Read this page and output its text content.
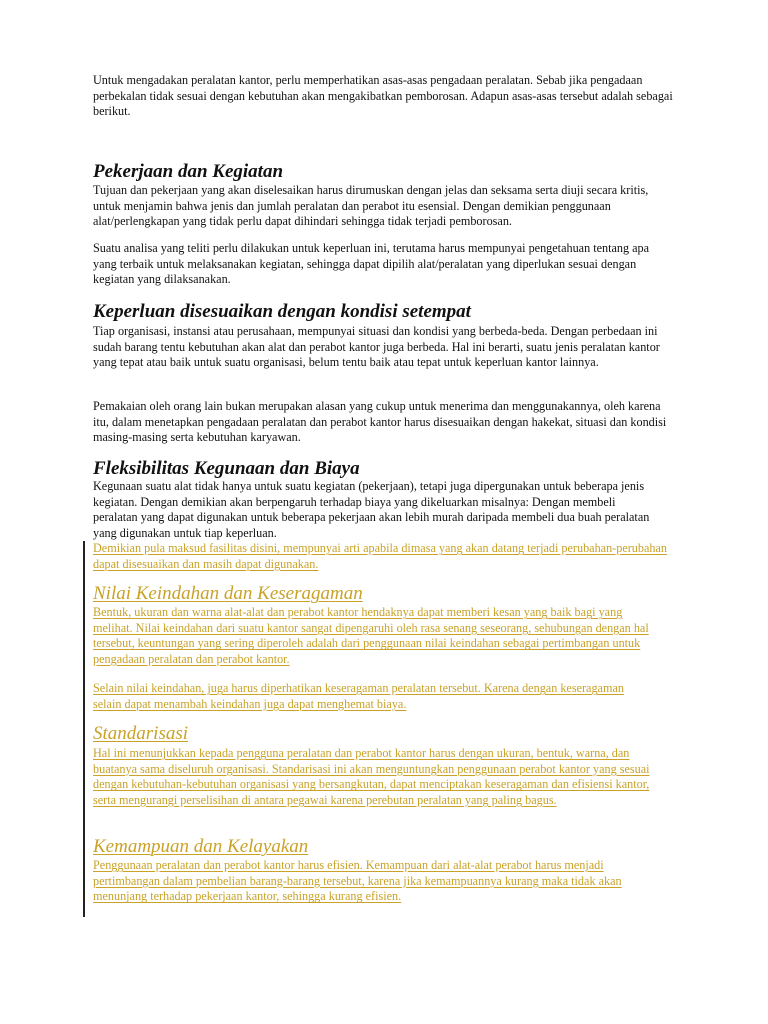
Untuk mengadakan peralatan kantor, perlu memperhatikan asas-asas pengadaan peralatan. Sebab jika pengadaan perbekalan tidak sesuai dengan kebutuhan akan mengakibatkan pemborosan. Adapun asas-asas tersebut adalah sebagai berikut.

Pekerjaan dan Kegiatan

Tujuan dan pekerjaan yang akan diselesaikan harus dirumuskan dengan jelas dan seksama serta diuji secara kritis, untuk menjamin bahwa jenis dan jumlah peralatan dan perabot itu esensial. Dengan demikian penggunaan alat/perlengkapan yang tidak perlu dapat dihindari sehingga tidak terjadi pemborosan.

Suatu analisa yang teliti perlu dilakukan untuk keperluan ini, terutama harus mempunyai pengetahuan tentang apa yang terbaik untuk melaksanakan kegiatan, sehingga dapat dipilih alat/peralatan yang diperlukan sesuai dengan kegiatan yang dilaksanakan.

Keperluan disesuaikan dengan kondisi setempat

Tiap organisasi, instansi atau perusahaan, mempunyai situasi dan kondisi yang berbeda-beda. Dengan perbedaan ini sudah barang tentu kebutuhan akan alat dan perabot kantor juga berbeda. Hal ini berarti, suatu jenis peralatan kantor yang tepat atau baik untuk suatu organisasi, belum tentu baik atau tepat untuk keperluan kantor lainnya.

Pemakaian oleh orang lain bukan merupakan alasan yang cukup untuk menerima dan menggunakannya, oleh karena itu, dalam menetapkan pengadaan peralatan dan perabot kantor harus disesuaikan dengan hakekat, situasi dan kondisi masing-masing serta kebutuhan karyawan.

Fleksibilitas Kegunaan dan Biaya

Kegunaan suatu alat tidak hanya untuk suatu kegiatan (pekerjaan), tetapi juga dipergunakan untuk beberapa jenis kegiatan. Dengan demikian akan berpengaruh terhadap biaya yang dikeluarkan misalnya: Dengan membeli peralatan yang dapat digunakan untuk beberapa pekerjaan akan lebih murah daripada membeli dua buah peralatan yang digunakan untuk tiap keperluan.

Demikian pula maksud fasilitas disini, mempunyai arti apabila dimasa yang akan datang terjadi perubahan-perubahan dapat disesuaikan dan masih dapat digunakan.

Nilai Keindahan dan Keseragaman

Bentuk, ukuran dan warna alat-alat dan perabot kantor hendaknya dapat memberi kesan yang baik bagi yang melihat. Nilai keindahan dari suatu kantor sangat dipengaruhi oleh rasa senang seseorang, sehubungan dengan hal tersebut, keuntungan yang sering diperoleh adalah dari penggunaan nilai keindahan sebagai pertimbangan untuk pengadaan peralatan dan perabot kantor.

Selain nilai keindahan, juga harus diperhatikan keseragaman peralatan tersebut. Karena dengan keseragaman selain dapat menambah keindahan juga dapat menghemat biaya.

Standarisasi

Hal ini menunjukkan kepada pengguna peralatan dan perabot kantor harus dengan ukuran, bentuk, warna, dan buatanya sama diseluruh organisasi. Standarisasi ini akan menguntungkan penggunaan perabot kantor yang sesuai dengan kebutuhan-kebutuhan organisasi yang bersangkutan, dapat menciptakan keseragaman dan efisiensi kantor, serta mengurangi perselisihan di antara pegawai karena perebutan peralatan yang paling bagus.

Kemampuan dan Kelayakan

Penggunaan peralatan dan perabot kantor harus efisien. Kemampuan dari alat-alat perabot harus menjadi pertimbangan dalam pembelian barang-barang tersebut, karena jika kemampuannya kurang maka tidak akan menunjang terhadap pekerjaan kantor, sehingga kurang efisien.
